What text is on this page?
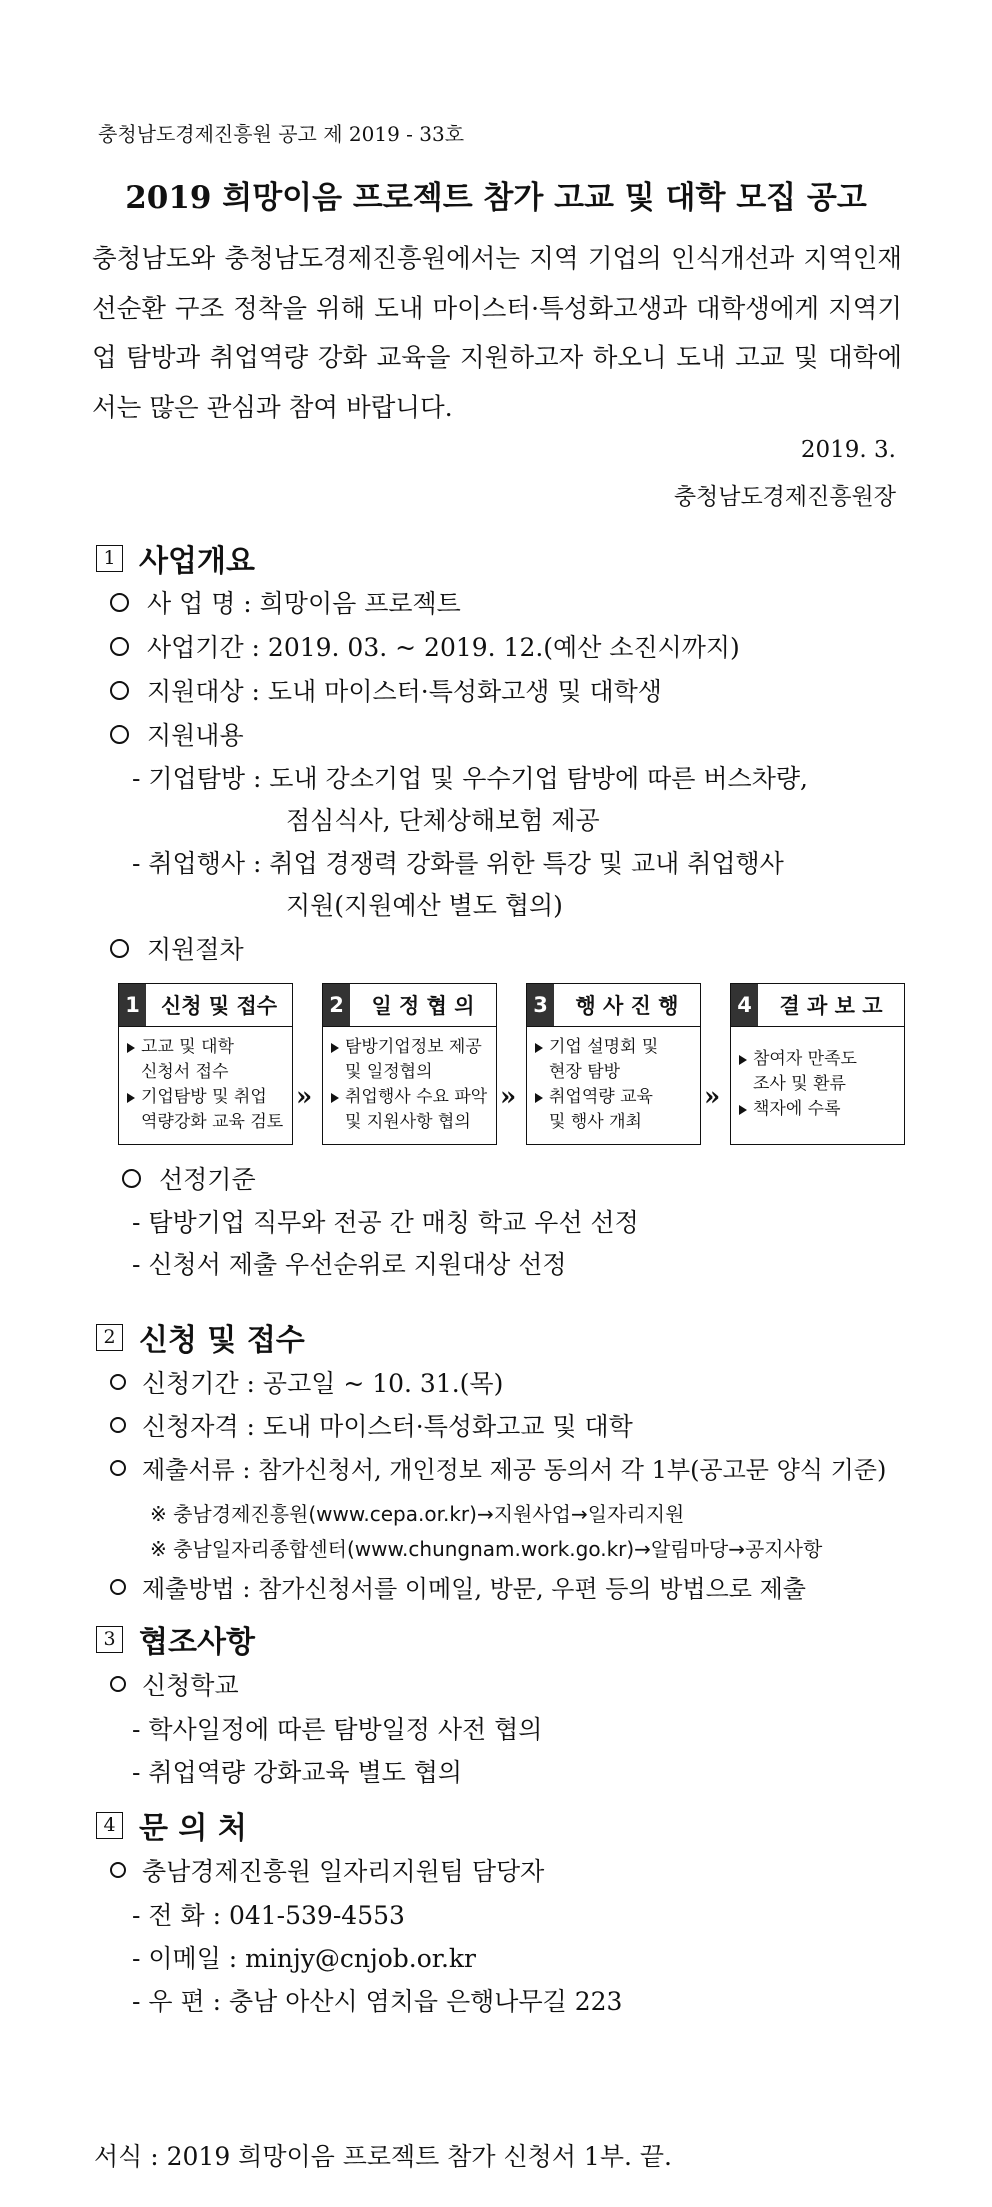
충청남도경제진흥원 공고 제 2019 - 33호
2019 희망이음 프로젝트 참가 고교 및 대학 모집 공고
충청남도와 충청남도경제진흥원에서는 지역 기업의 인식개선과 지역인재 선순환 구조 정착을 위해 도내 마이스터·특성화고생과 대학생에게 지역기업 탐방과 취업역량 강화 교육을 지원하고자 하오니 도내 고교 및 대학에서는 많은 관심과 참여 바랍니다.
2019. 3.
충청남도경제진흥원장
1 사업개요
사 업 명 : 희망이음 프로젝트
사업기간 : 2019. 03. ~ 2019. 12.(예산 소진시까지)
지원대상 : 도내 마이스터·특성화고생 및 대학생
지원내용
- 기업탐방 : 도내 강소기업 및 우수기업 탐방에 따른 버스차량,
점심식사, 단체상해보험 제공
- 취업행사 : 취업 경쟁력 강화를 위한 특강 및 교내 취업행사
지원(지원예산 별도 협의)
지원절차
1	신청 및 접수
고교 및 대학
신청서 접수
기업탐방 및 취업
역량강화 교육 검토
»
2	일 정 협 의
탐방기업정보 제공
및 일정협의
취업행사 수요 파악
및 지원사항 협의
»
3	행 사 진 행
기업 설명회 및
현장 탐방
취업역량 교육
및 행사 개최
»
4	결 과 보 고
참여자 만족도
조사 및 환류
책자에 수록
선정기준
- 탐방기업 직무와 전공 간 매칭 학교 우선 선정
- 신청서 제출 우선순위로 지원대상 선정
2 신청 및 접수
신청기간 : 공고일 ~ 10. 31.(목)
신청자격 : 도내 마이스터·특성화고교 및 대학
제출서류 : 참가신청서, 개인정보 제공 동의서 각 1부(공고문 양식 기준)
※ 충남경제진흥원(www.cepa.or.kr)→지원사업→일자리지원
※ 충남일자리종합센터(www.chungnam.work.go.kr)→알림마당→공지사항
제출방법 : 참가신청서를 이메일, 방문, 우편 등의 방법으로 제출
3 협조사항
신청학교
- 학사일정에 따른 탐방일정 사전 협의
- 취업역량 강화교육 별도 협의
4 문 의 처
충남경제진흥원 일자리지원팀 담당자
- 전 화 : 041-539-4553
- 이메일 : minjy@cnjob.or.kr
- 우 편 : 충남 아산시 염치읍 은행나무길 223
서식 : 2019 희망이음 프로젝트 참가 신청서 1부. 끝.
